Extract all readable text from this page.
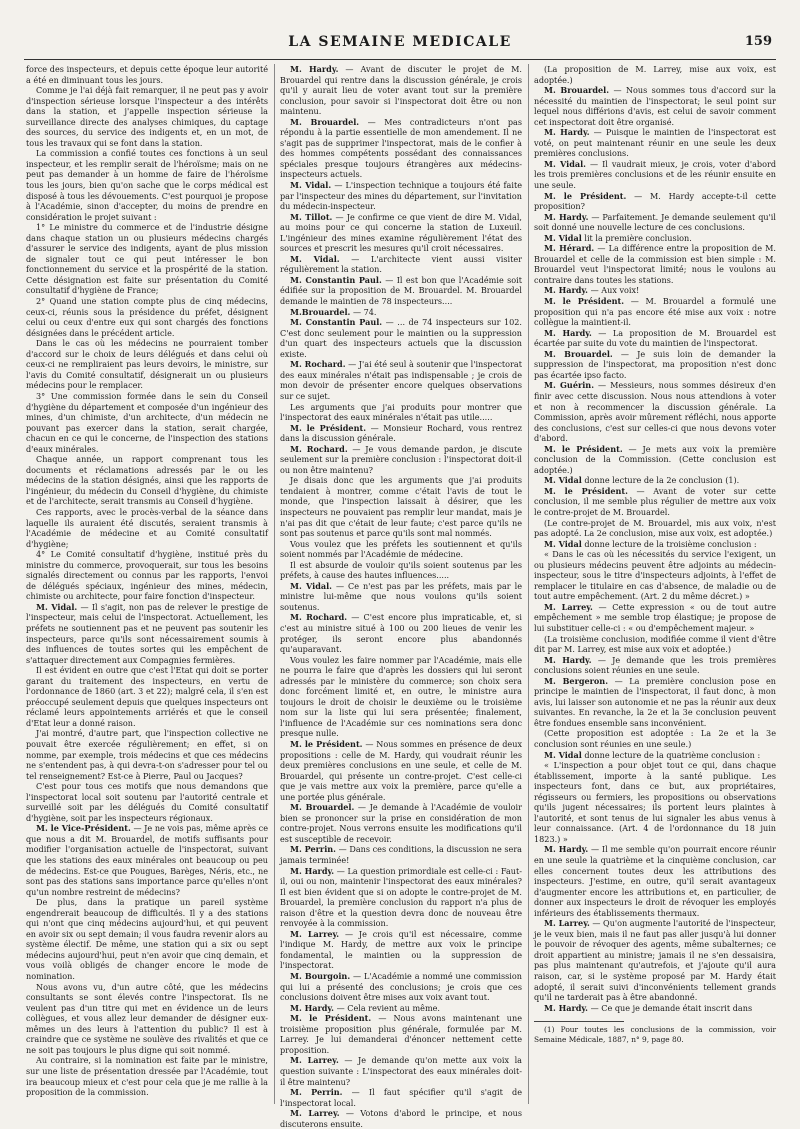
LA SEMAINE MEDICALE	159

force des inspecteurs, et depuis cette époque leur autorité a été en diminuant tous les jours.

Comme je l'ai déjà fait remarquer, il ne peut pas y avoir d'inspection sérieuse lorsque l'inspecteur a des intérêts dans la station, et j'appelle inspection sérieuse la surveillance directe des analyses chimiques, du captage des sources, du service des indigents et, en un mot, de tous les travaux qui se font dans la station.

La commission a confié toutes ces fonctions à un seul inspecteur, et les remplir serait de l'héroïsme; mais on ne peut pas demander à un homme de faire de l'héroïsme tous les jours, bien qu'on sache que le corps médical est disposé à tous les dévouements. C'est pourquoi je propose à l'Académie, sinon d'accepter, du moins de prendre en considération le projet suivant :

1° Le ministre du commerce et de l'industrie désigne dans chaque station un ou plusieurs médecins chargés d'assurer le service des indigents, ayant de plus mission de signaler tout ce qui peut intéresser le bon fonctionnement du service et la prospérité de la station. Cette désignation est faite sur présentation du Comité consultatif d'hygiène de France;

2° Quand une station compte plus de cinq médecins, ceux-ci, réunis sous la présidence du préfet, désignent celui ou ceux d'entre eux qui sont chargés des fonctions désignées dans le précédent article.

Dans le cas où les médecins ne pourraient tomber d'accord sur le choix de leurs délégués et dans celui où ceux-ci ne rempliraient pas leurs devoirs, le ministre, sur l'avis du Comité consultatif, désignerait un ou plusieurs médecins pour le remplacer.

3° Une commission formée dans le sein du Conseil d'hygiène du département et composée d'un ingénieur des mines, d'un chimiste, d'un architecte, d'un médecin ne pouvant pas exercer dans la station, serait chargée, chacun en ce qui le concerne, de l'inspection des stations d'eaux minérales.

Chaque année, un rapport comprenant tous les documents et réclamations adressés par le ou les médecins de la station désignés, ainsi que les rapports de l'ingénieur, du médecin du Conseil d'hygiène, du chimiste et de l'architecte, serait transmis au Conseil d'hygiène.

Ces rapports, avec le procès-verbal de la séance dans laquelle ils auraient été discutés, seraient transmis à l'Académie de médecine et au Comité consultatif d'hygiène;

4° Le Comité consultatif d'hygiène, institué près du ministre du commerce, provoquerait, sur tous les besoins signalés directement ou connus par les rapports, l'envoi de délégués spéciaux, ingénieur des mines, médecin, chimiste ou architecte, pour faire fonction d'inspecteur.

M. Vidal. — Il s'agit, non pas de relever le prestige de l'inspecteur, mais celui de l'inspectorat. Actuellement, les préfets ne soutiennent pas et ne peuvent pas soutenir les inspecteurs, parce qu'ils sont nécessairement soumis à des influences de toutes sortes qui les empêchent de s'attaquer directement aux Compagnies fermières.

Il est évident en outre que c'est l'Etat qui doit se porter garant du traitement des inspecteurs, en vertu de l'ordonnance de 1860 (art. 3 et 22); malgré cela, il s'en est préoccupé seulement depuis que quelques inspecteurs ont réclamé leurs appointements arriérés et que le conseil d'Etat leur a donné raison.

J'ai montré, d'autre part, que l'inspection collective ne pouvait être exercée régulièrement; en effet, si on nomme, par exemple, trois médecins et que ces médecins ne s'entendent pas, à qui devra-t-on s'adresser pour tel ou tel renseignement? Est-ce à Pierre, Paul ou Jacques?

C'est pour tous ces motifs que nous demandons que l'inspectorat local soit soutenu par l'autorité centrale et surveillé soit par les délégués du Comité consultatif d'hygiène, soit par les inspecteurs régionaux.

M. le Vice-Président. — Je ne vois pas, même après ce que nous a dit M. Brouardel, de motifs suffisants pour modifier l'organisation actuelle de l'inspectorat, suivant que les stations des eaux minérales ont beaucoup ou peu de médecins. Est-ce que Pougues, Barèges, Néris, etc., ne sont pas des stations sans importance parce qu'elles n'ont qu'un nombre restreint de médecins?

De plus, dans la pratique un pareil système engendrerait beaucoup de difficultés. Il y a des stations qui n'ont que cinq médecins aujourd'hui, et qui peuvent en avoir six ou sept demain; il vous faudra revenir alors au système électif. De même, une station qui a six ou sept médecins aujourd'hui, peut n'en avoir que cinq demain, et vous voilà obligés de changer encore le mode de nomination.

Nous avons vu, d'un autre côté, que les médecins consultants se sont élevés contre l'inspectorat. Ils ne veulent pas d'un titre qui met en évidence un de leurs collègues, et vous allez leur demander de désigner eux-mêmes un des leurs à l'attention du public? Il est à craindre que ce système ne soulève des rivalités et que ce ne soit pas toujours le plus digne qui soit nommé.

Au contraire, si la nomination est faite par le ministre, sur une liste de présentation dressée par l'Académie, tout ira beaucoup mieux et c'est pour cela que je me rallie à la proposition de la commission.

M. Hardy. — Avant de discuter le projet de M. Brouardel qui rentre dans la discussion générale, je crois qu'il y aurait lieu de voter avant tout sur la première conclusion, pour savoir si l'inspectorat doit être ou non maintenu.

M. Brouardel. — Mes contradicteurs n'ont pas répondu à la partie essentielle de mon amendement. Il ne s'agit pas de supprimer l'inspectorat, mais de le confier à des hommes compétents possédant des connaissances spéciales presque toujours étrangères aux médecins-inspecteurs actuels.

M. Vidal. — L'inspection technique a toujours été faite par l'inspecteur des mines du département, sur l'invitation du médecin-inspecteur.

M. Tillot. — Je confirme ce que vient de dire M. Vidal, au moins pour ce qui concerne la station de Luxeuil. L'ingénieur des mines examine régulièrement l'état des sources et prescrit les mesures qu'il croit nécessaires.

M. Vidal. — L'architecte vient aussi visiter régulièrement la station.

M. Constantin Paul. — Il est bon que l'Académie soit édifiée sur la proposition de M. Brouardel. M. Brouardel demande le maintien de 78 inspecteurs....

M.Brouardel. — 74.

M. Constantin Paul. — ... de 74 inspecteurs sur 102. C'est donc seulement pour le maintien ou la suppression d'un quart des inspecteurs actuels que la discussion existe.

M. Rochard. — J'ai été seul à soutenir que l'inspectorat des eaux minérales n'était pas indispensable ; je crois de mon devoir de présenter encore quelques observations sur ce sujet.

Les arguments que j'ai produits pour montrer que l'inspectorat des eaux minérales n'était pas utile.....

M. le Président. — Monsieur Rochard, vous rentrez dans la discussion générale.

M. Rochard. — Je vous demande pardon, je discute seulement sur la première conclusion : l'inspectorat doit-il ou non être maintenu?

Je disais donc que les arguments que j'ai produits tendaient à montrer, comme c'était l'avis de tout le monde, que l'inspection laissait à désirer, que les inspecteurs ne pouvaient pas remplir leur mandat, mais je n'ai pas dit que c'était de leur faute; c'est parce qu'ils ne sont pas soutenus et parce qu'ils sont mal nommés.

Vous voulez que les préfets les soutiennent et qu'ils soient nommés par l'Académie de médecine.

Il est absurde de vouloir qu'ils soient soutenus par les préfets, à cause des hautes influences.....

M. Vidal. — Ce n'est pas par les préfets, mais par le ministre lui-même que nous voulons qu'ils soient soutenus.

M. Rochard. — C'est encore plus impraticable, et, si c'est au ministre situé à 100 ou 200 lieues de venir les protéger, ils seront encore plus abandonnés qu'auparavant.

Vous voulez les faire nommer par l'Académie, mais elle ne pourra le faire que d'après les dossiers qui lui seront adressés par le ministère du commerce; son choix sera donc forcément limité et, en outre, le ministre aura toujours le droit de choisir le deuxième ou le troisième nom sur la liste qui lui sera présentée; finalement, l'influence de l'Académie sur ces nominations sera donc presque nulle.

M. le Président. — Nous sommes en présence de deux propositions : celle de M. Hardy, qui voudrait réunir les deux premières conclusions en une seule, et celle de M. Brouardel, qui présente un contre-projet. C'est celle-ci que je vais mettre aux voix la première, parce qu'elle a une portée plus générale.

M. Brouardel. — Je demande à l'Académie de vouloir bien se prononcer sur la prise en considération de mon contre-projet. Nous verrons ensuite les modifications qu'il est susceptible de recevoir.

M. Perrin. — Dans ces conditions, la discussion ne sera jamais terminée!

M. Hardy. — La question primordiale est celle-ci : Faut-il, oui ou non, maintenir l'inspectorat des eaux minérales? Il est bien évident que si on adopte le contre-projet de M. Brouardel, la première conclusion du rapport n'a plus de raison d'être et la question devra donc de nouveau être renvoyée à la commission.

M. Larrey. — Je crois qu'il est nécessaire, comme l'indique M. Hardy, de mettre aux voix le principe fondamental, le maintien ou la suppression de l'inspectorat.

M. Bourgoin. — L'Académie a nommé une commission qui lui a présenté des conclusions; je crois que ces conclusions doivent être mises aux voix avant tout.

M. Hardy. — Cela revient au même.

M. le Président. — Nous avons maintenant une troisième proposition plus générale, formulée par M. Larrey. Je lui demanderai d'énoncer nettement cette proposition.

M. Larrey. — Je demande qu'on mette aux voix la question suivante : L'inspectorat des eaux minérales doit-il être maintenu?

M. Perrin. — Il faut spécifier qu'il s'agit de l'inspectorat local.

M. Larrey. — Votons d'abord le principe, et nous discuterons ensuite.

(La proposition de M. Larrey, mise aux voix, est adoptée.)

M. Brouardel. — Nous sommes tous d'accord sur la nécessité du maintien de l'inspectorat; le seul point sur lequel nous différions d'avis, est celui de savoir comment cet inspectorat doit être organisé.

M. Hardy. — Puisque le maintien de l'inspectorat est voté, on peut maintenant réunir en une seule les deux premières conclusions.

M. Vidal. — Il vaudrait mieux, je crois, voter d'abord les trois premières conclusions et de les réunir ensuite en une seule.

M. le Président. — M. Hardy accepte-t-il cette proposition?

M. Hardy. — Parfaitement. Je demande seulement qu'il soit donné une nouvelle lecture de ces conclusions.

M. Vidal lit la première conclusion.

M. Hérard. — La différence entre la proposition de M. Brouardel et celle de la commission est bien simple : M. Brouardel veut l'inspectorat limité; nous le voulons au contraire dans toutes les stations.

M. Hardy. — Aux voix!

M. le Président. — M. Brouardel a formulé une proposition qui n'a pas encore été mise aux voix : notre collègue la maintient-il.

M. Hardy. — La proposition de M. Brouardel est écartée par suite du vote du maintien de l'inspectorat.

M. Brouardel. — Je suis loin de demander la suppression de l'inspectorat, ma proposition n'est donc pas écartée ipso facto.

M. Guérin. — Messieurs, nous sommes désireux d'en finir avec cette discussion. Nous nous attendions à voter et non à recommencer la discussion générale. La Commission, après avoir mûrement réfléchi, nous apporte des conclusions, c'est sur celles-ci que nous devons voter d'abord.

M. le Président. — Je mets aux voix la première conclusion de la Commission. (Cette conclusion est adoptée.)

M. Vidal donne lecture de la 2e conclusion (1).

M. le Président. — Avant de voter sur cette conclusion, il me semble plus régulier de mettre aux voix le contre-projet de M. Brouardel.

(Le contre-projet de M. Brouardel, mis aux voix, n'est pas adopté. La 2e conclusion, mise aux voix, est adoptée.)

M. Vidal donne lecture de la troisième conclusion :

« Dans le cas où les nécessités du service l'exigent, un ou plusieurs médecins peuvent être adjoints au médecin-inspecteur, sous le titre d'inspecteurs adjoints, à l'effet de remplacer le titulaire en cas d'absence, de maladie ou de tout autre empêchement. (Art. 2 du même décret.) »

M. Larrey. — Cette expression « ou de tout autre empêchement » me semble trop élastique; je propose de lui substituer celle-ci : « ou d'empêchement majeur. »

(La troisième conclusion, modifiée comme il vient d'être dit par M. Larrey, est mise aux voix et adoptée.)

M. Hardy. — Je demande que les trois premières conclusions soient réunies en une seule.

M. Bergeron. — La première conclusion pose en principe le maintien de l'inspectorat, il faut donc, à mon avis, lui laisser son autonomie et ne pas la réunir aux deux suivantes. En revanche, la 2e et la 3e conclusion peuvent être fondues ensemble sans inconvénient.

(Cette proposition est adoptée : La 2e et la 3e conclusion sont réunies en une seule.)

M. Vidal donne lecture de la quatrième conclusion :

« L'inspection a pour objet tout ce qui, dans chaque établissement, importe à la santé publique. Les inspecteurs font, dans ce but, aux propriétaires, régisseurs ou fermiers, les propositions ou observations qu'ils jugent nécessaires; ils portent leurs plaintes à l'autorité, et sont tenus de lui signaler les abus venus à leur connaissance. (Art. 4 de l'ordonnance du 18 juin 1823.) »

M. Hardy. — Il me semble qu'on pourrait encore réunir en une seule la quatrième et la cinquième conclusion, car elles concernent toutes deux les attributions des inspecteurs. J'estime, en outre, qu'il serait avantageux d'augmenter encore les attributions et, en particulier, de donner aux inspecteurs le droit de révoquer les employés inférieurs des établissements thermaux.

M. Larrey. — Qu'on augmente l'autorité de l'inspecteur, je le veux bien, mais il ne faut pas aller jusqu'à lui donner le pouvoir de révoquer des agents, même subalternes; ce droit appartient au ministre; jamais il ne s'en dessaisira, pas plus maintenant qu'autrefois, et j'ajoute qu'il aura raison, car, si le système proposé par M. Hardy était adopté, il serait suivi d'inconvénients tellement grands qu'il ne tarderait pas à être abandonné.

M. Hardy. — Ce que je demande était inscrit dans

(1) Pour toutes les conclusions de la commission, voir Semaine Médicale, 1887, n° 9, page 80.
